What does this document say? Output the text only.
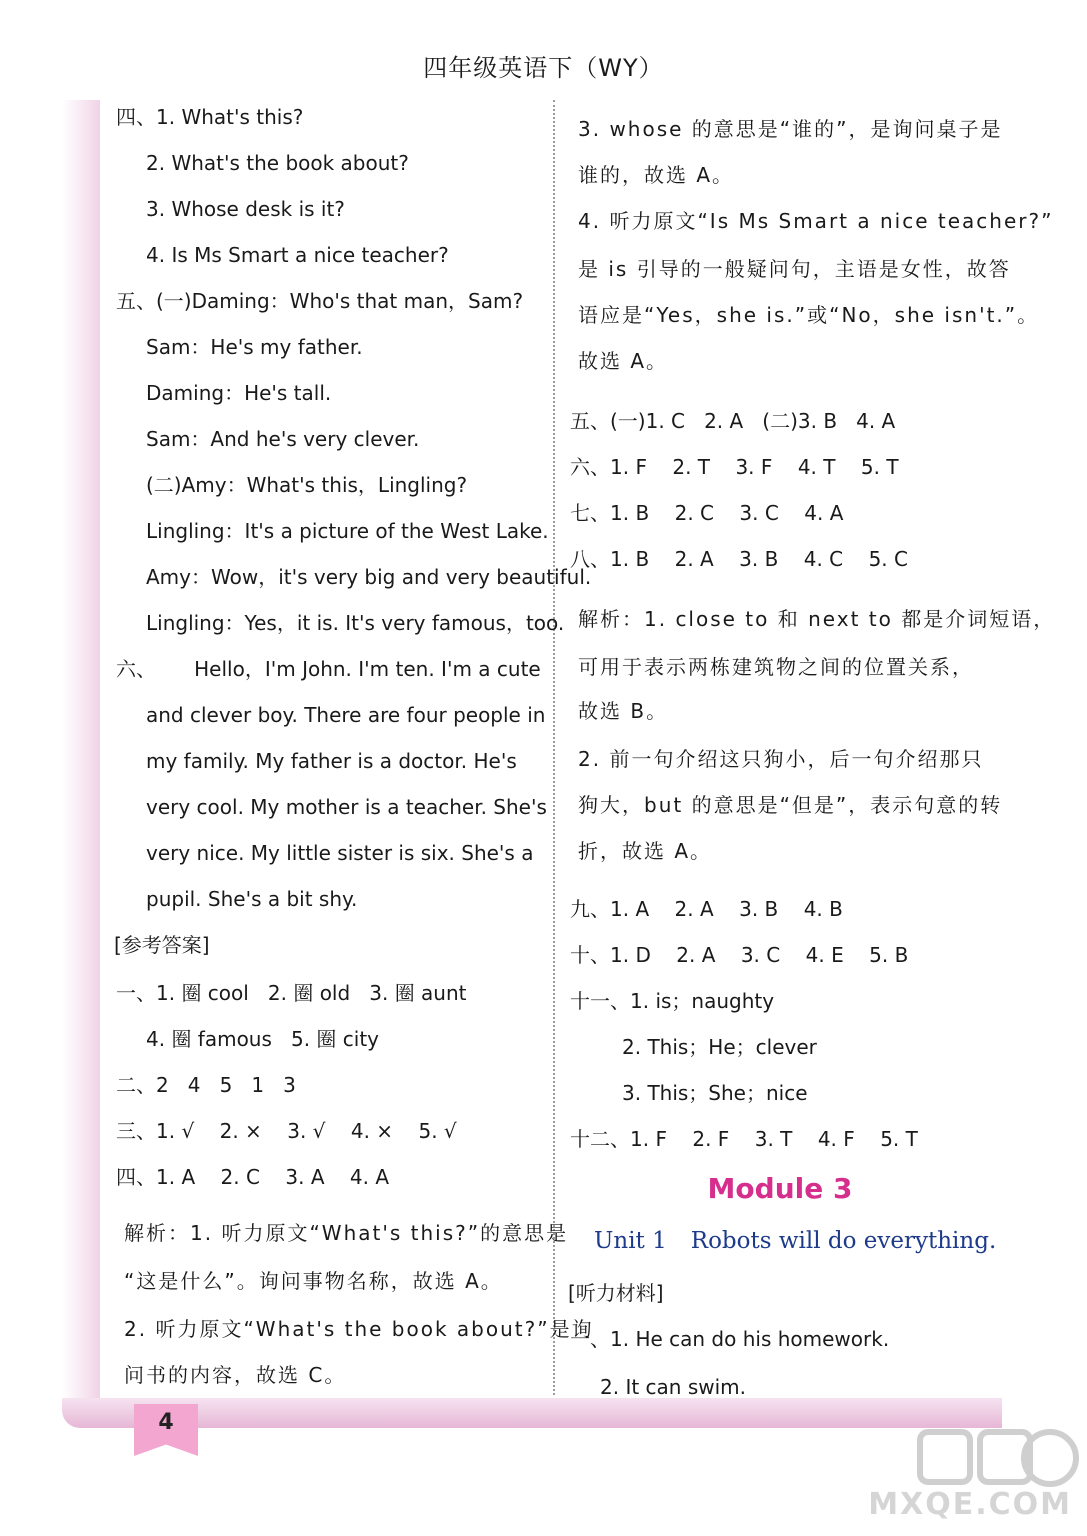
4
四年级英语下（WY）
四、1. What's this?
2. What's the book about?
3. Whose desk is it?
4. Is Ms Smart a nice teacher?
五、(一)Daming：Who's that man，Sam?
Sam：He's my father.
Daming：He's tall.
Sam：And he's very clever.
(二)Amy：What's this，Lingling?
Lingling：It's a picture of the West Lake.
Amy：Wow，it's very big and very beautiful.
Lingling：Yes，it is. It's very famous，too.
六、      Hello，I'm John. I'm ten. I'm a cute
and clever boy. There are four people in
my family. My father is a doctor. He's
very cool. My mother is a teacher. She's
very nice. My little sister is six. She's a
pupil. She's a bit shy.
[参考答案]
一、1. 圈 cool   2. 圈 old   3. 圈 aunt
4. 圈 famous   5. 圈 city
二、2   4   5   1   3
三、1. √    2. ×    3. √    4. ×    5. √
四、1. A    2. C    3. A    4. A
解析：1. 听力原文“What's this?”的意思是
“这是什么”。询问事物名称，故选 A。
2. 听力原文“What's the book about?”是询
问书的内容，故选 C。
3. whose 的意思是“谁的”，是询问桌子是
谁的，故选 A。
4. 听力原文“Is Ms Smart a nice teacher?”
是 is 引导的一般疑问句，主语是女性，故答
语应是“Yes，she is.”或“No，she isn't.”。
故选 A。
五、(一)1. C   2. A   (二)3. B   4. A
六、1. F    2. T    3. F    4. T    5. T
七、1. B    2. C    3. C    4. A
八、1. B    2. A    3. B    4. C    5. C
解析：1. close to 和 next to 都是介词短语，
可用于表示两栋建筑物之间的位置关系，
故选 B。
2. 前一句介绍这只狗小，后一句介绍那只
狗大，but 的意思是“但是”，表示句意的转
折，故选 A。
九、1. A    2. A    3. B    4. B
十、1. D    2. A    3. C    4. E    5. B
十一、1. is；naughty
2. This；He；clever
3. This；She；nice
十二、1. F    2. F    3. T    4. F    5. T
Module 3
Unit 1 Robots will do everything.
[听力材料]
一、1. He can do his homework.
2. It can swim.
MXQE.COM
